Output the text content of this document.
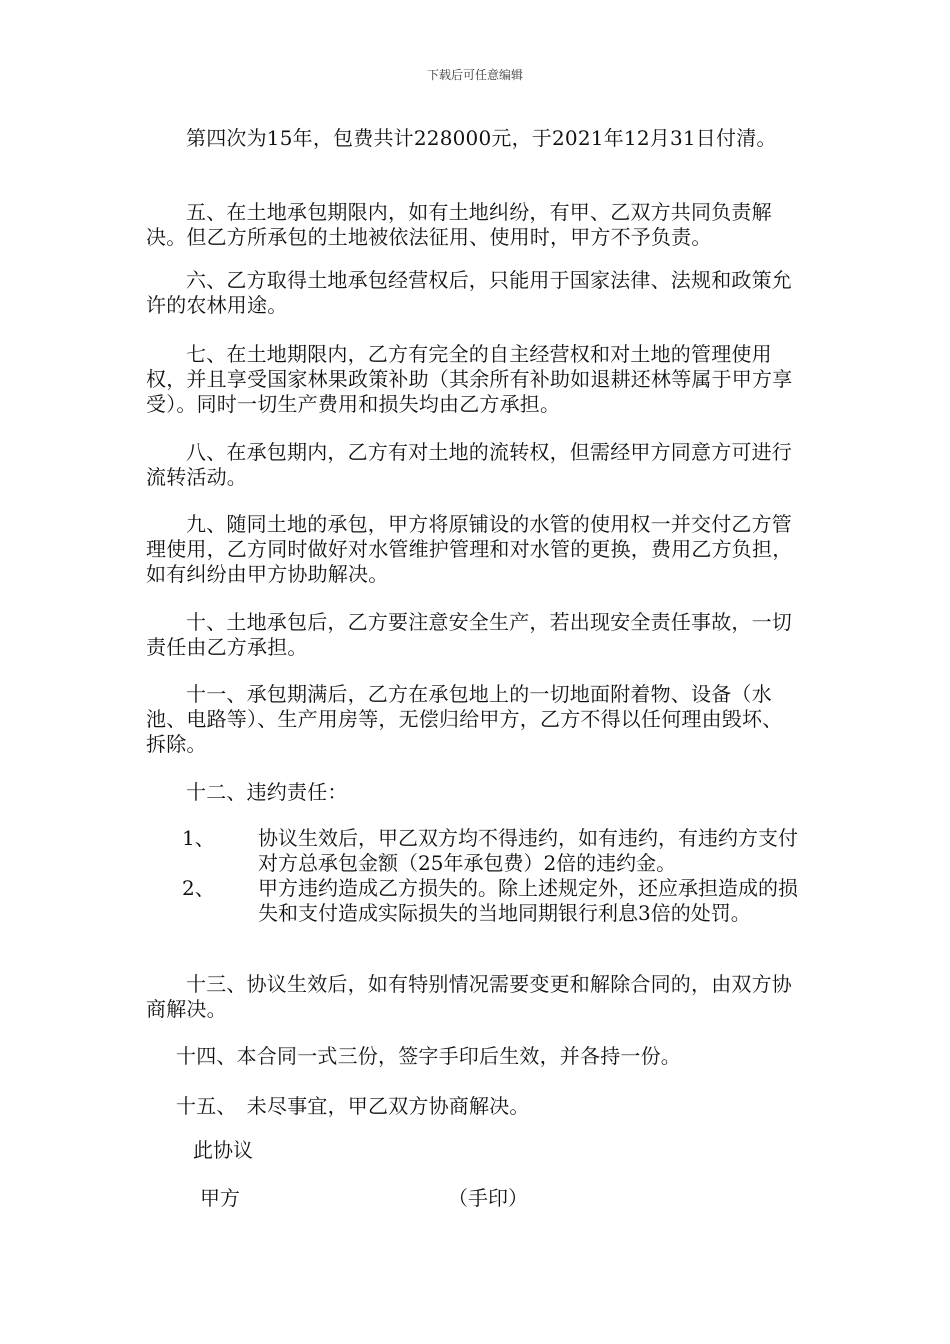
下载后可任意编辑

第四次为15年，包费共计228000元，于2021年12月31日付清。

五、在土地承包期限内，如有土地纠纷，有甲、乙双方共同负责解决。但乙方所承包的土地被依法征用、使用时，甲方不予负责。

六、乙方取得土地承包经营权后，只能用于国家法律、法规和政策允许的农林用途。

七、在土地期限内，乙方有完全的自主经营权和对土地的管理使用权，并且享受国家林果政策补助（其余所有补助如退耕还林等属于甲方享受）。同时一切生产费用和损失均由乙方承担。

八、在承包期内，乙方有对土地的流转权，但需经甲方同意方可进行流转活动。

九、随同土地的承包，甲方将原铺设的水管的使用权一并交付乙方管理使用，乙方同时做好对水管维护管理和对水管的更换，费用乙方负担，如有纠纷由甲方协助解决。

十、土地承包后，乙方要注意安全生产，若出现安全责任事故，一切责任由乙方承担。

十一、承包期满后，乙方在承包地上的一切地面附着物、设备（水池、电路等）、生产用房等，无偿归给甲方，乙方不得以任何理由毁坏、拆除。

十二、违约责任：

1、 协议生效后，甲乙双方均不得违约，如有违约，有违约方支付对方总承包金额（25年承包费）2倍的违约金。
2、 甲方违约造成乙方损失的。除上述规定外，还应承担造成的损失和支付造成实际损失的当地同期银行利息3倍的处罚。

十三、协议生效后，如有特别情况需要变更和解除合同的，由双方协商解决。

十四、本合同一式三份，签字手印后生效，并各持一份。

十五、　未尽事宜，甲乙双方协商解决。

此协议
甲方	（手印）
